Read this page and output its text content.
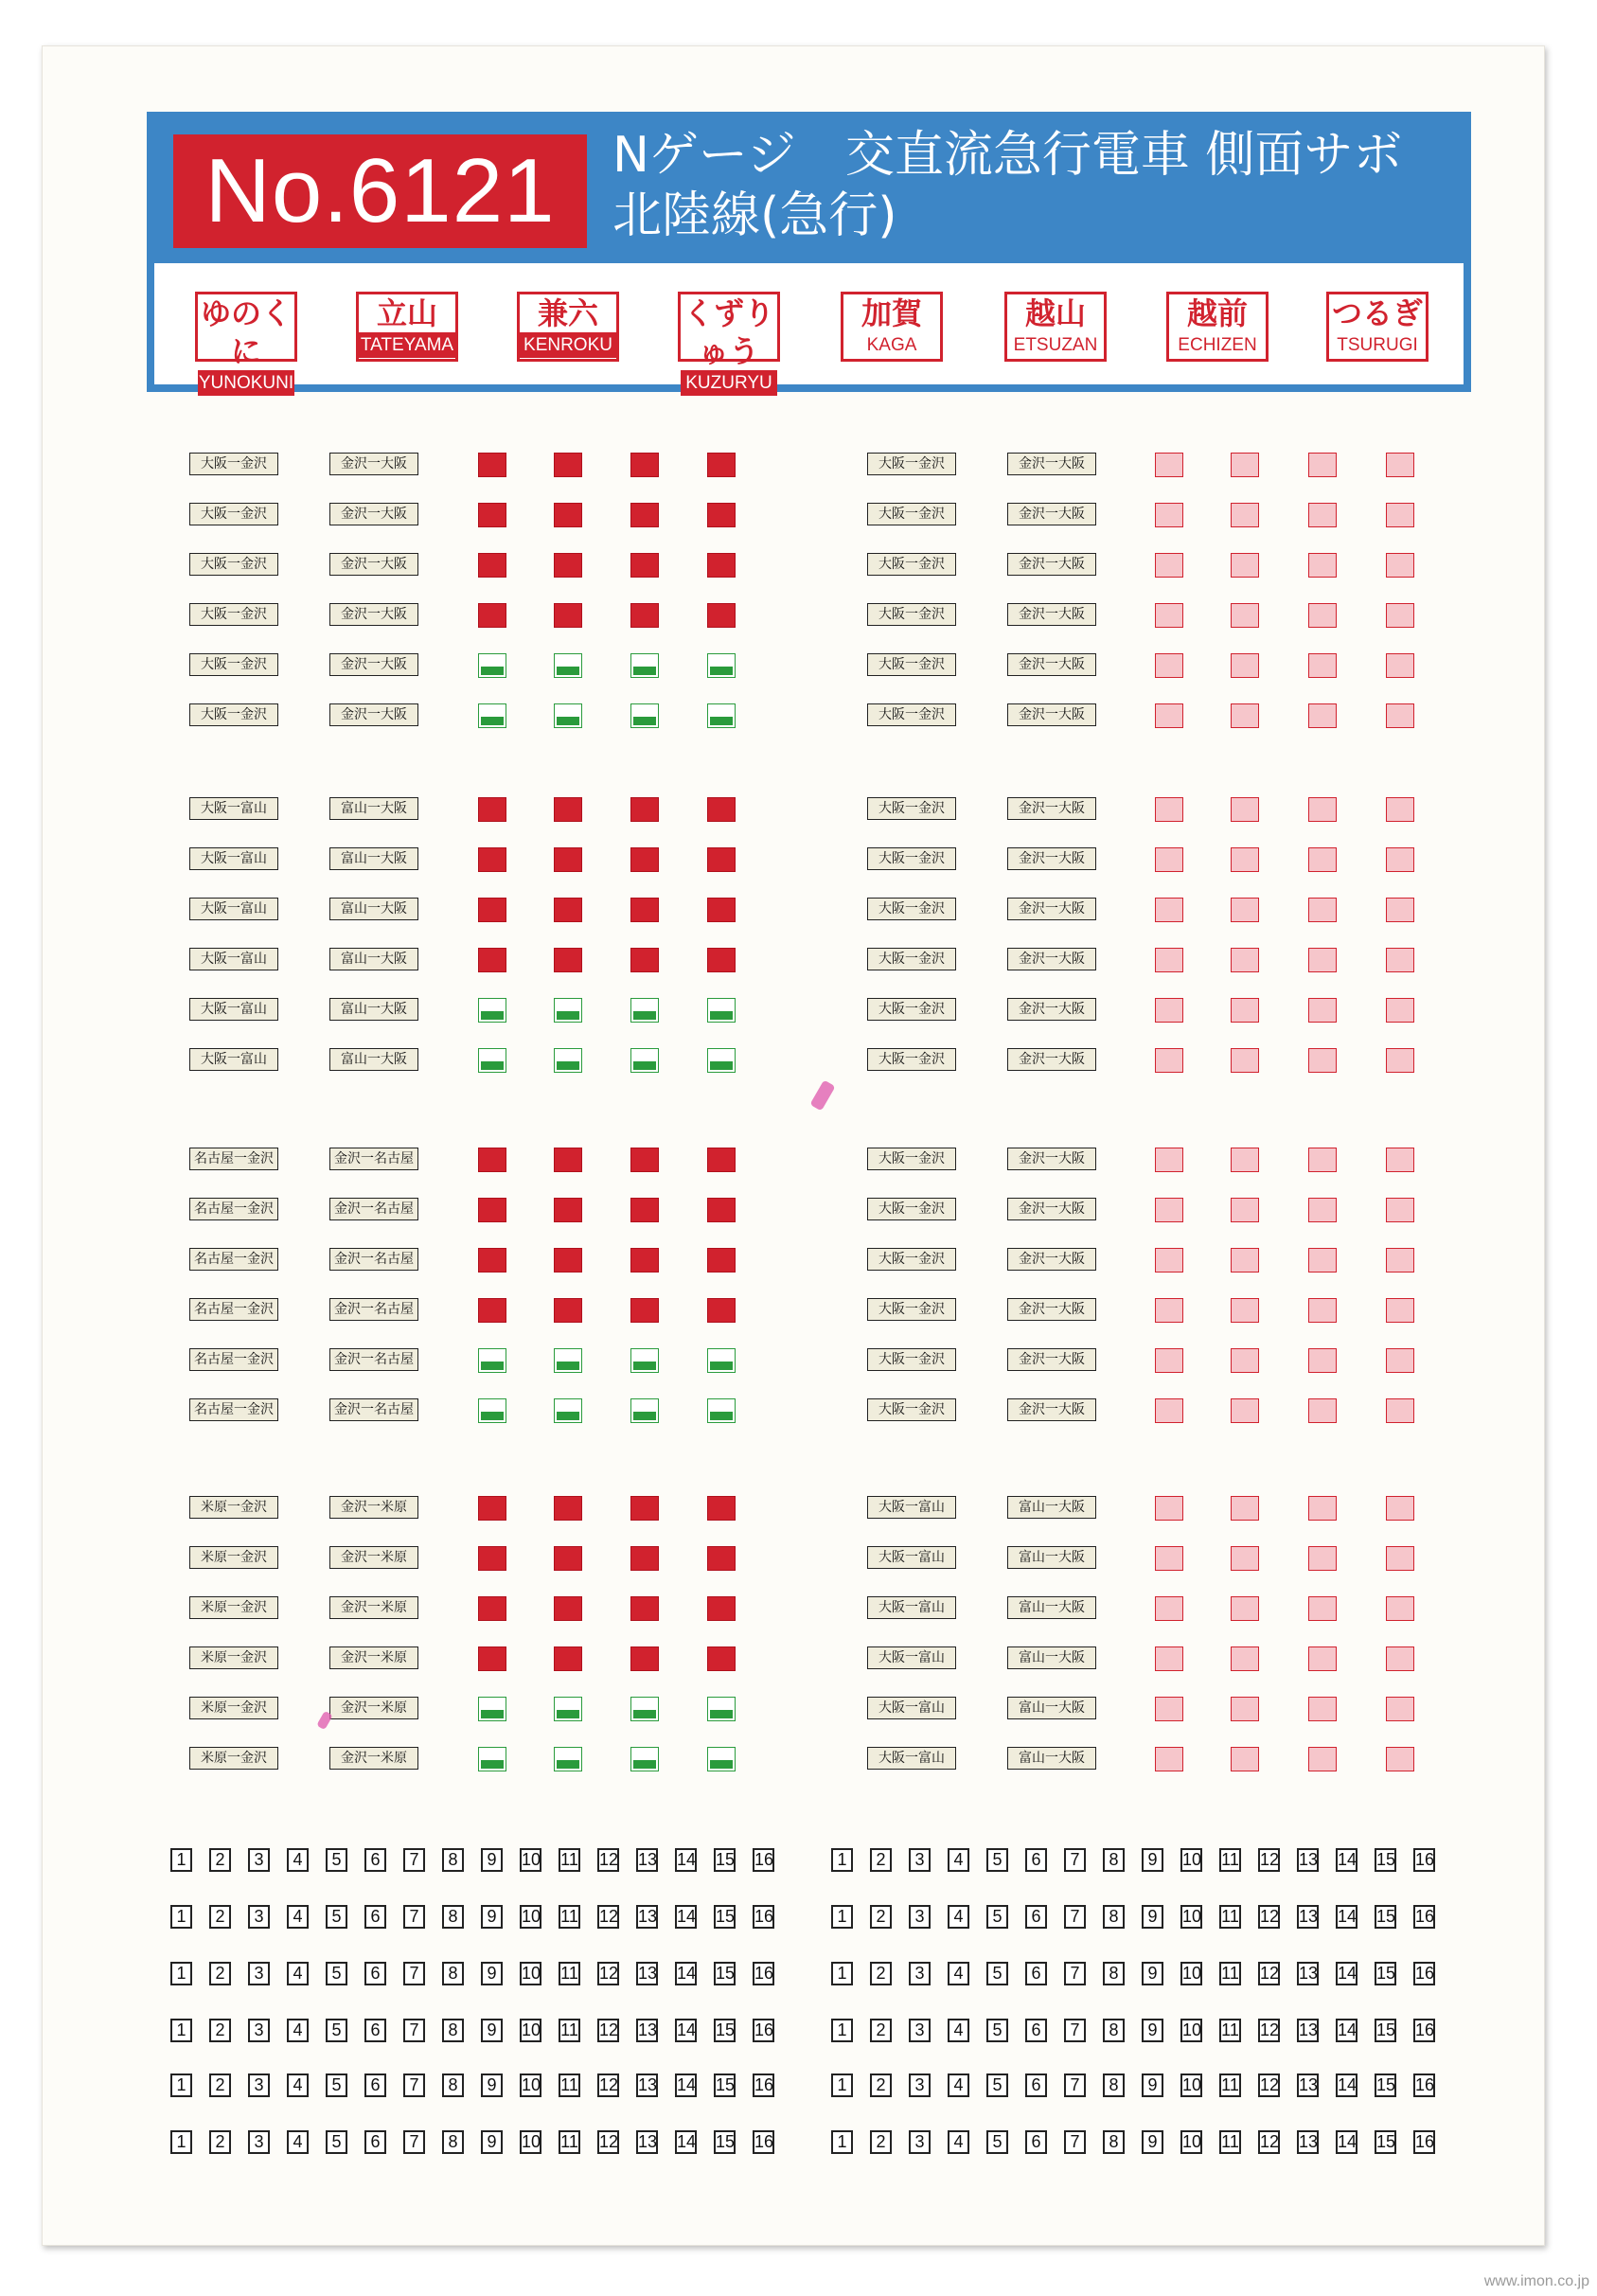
No.6121	Nゲージ　交直流急行電車 側面サボ
北陸線(急行)
ゆのくに
YUNOKUNI
立山
TATEYAMA
兼六
KENROKU
くずりゅう
KUZURYU
加賀
KAGA
越山
ETSUZAN
越前
ECHIZEN
つるぎ
TSURUGI
大阪一金沢	金沢一大阪
大阪一金沢	金沢一大阪
大阪一金沢	金沢一大阪
大阪一金沢	金沢一大阪
大阪一金沢	金沢一大阪
大阪一金沢	金沢一大阪
大阪一富山	富山一大阪
大阪一富山	富山一大阪
大阪一富山	富山一大阪
大阪一富山	富山一大阪
大阪一富山	富山一大阪
大阪一富山	富山一大阪
名古屋一金沢	金沢一名古屋
名古屋一金沢	金沢一名古屋
名古屋一金沢	金沢一名古屋
名古屋一金沢	金沢一名古屋
名古屋一金沢	金沢一名古屋
名古屋一金沢	金沢一名古屋
米原一金沢	金沢一米原
米原一金沢	金沢一米原
米原一金沢	金沢一米原
米原一金沢	金沢一米原
米原一金沢	金沢一米原
米原一金沢	金沢一米原
大阪一金沢	金沢一大阪
大阪一金沢	金沢一大阪
大阪一金沢	金沢一大阪
大阪一金沢	金沢一大阪
大阪一金沢	金沢一大阪
大阪一金沢	金沢一大阪
大阪一金沢	金沢一大阪
大阪一金沢	金沢一大阪
大阪一金沢	金沢一大阪
大阪一金沢	金沢一大阪
大阪一金沢	金沢一大阪
大阪一金沢	金沢一大阪
大阪一金沢	金沢一大阪
大阪一金沢	金沢一大阪
大阪一金沢	金沢一大阪
大阪一金沢	金沢一大阪
大阪一金沢	金沢一大阪
大阪一金沢	金沢一大阪
大阪一富山	富山一大阪
大阪一富山	富山一大阪
大阪一富山	富山一大阪
大阪一富山	富山一大阪
大阪一富山	富山一大阪
大阪一富山	富山一大阪
1	2	3	4	5	6	7	8	9	10 11 12 13 14 15 16
1	2	3	4	5	6	7	8	9	10 11 12 13 14 15 16
1	2	3	4	5	6	7	8	9	10 11 12 13 14 15 16
1	2	3	4	5	6	7	8	9	10 11 12 13 14 15 16
1	2	3	4	5	6	7	8	9	10 11 12 13 14 15 16
1	2	3	4	5	6	7	8	9	10 11 12 13 14 15 16
1	2	3	4	5	6	7	8	9	10 11 12 13 14 15 16
1	2	3	4	5	6	7	8	9	10 11 12 13 14 15 16
1	2	3	4	5	6	7	8	9	10 11 12 13 14 15 16
1	2	3	4	5	6	7	8	9	10 11 12 13 14 15 16
1	2	3	4	5	6	7	8	9	10 11 12 13 14 15 16
1	2	3	4	5	6	7	8	9	10 11 12 13 14 15 16
www.imon.co.jp
